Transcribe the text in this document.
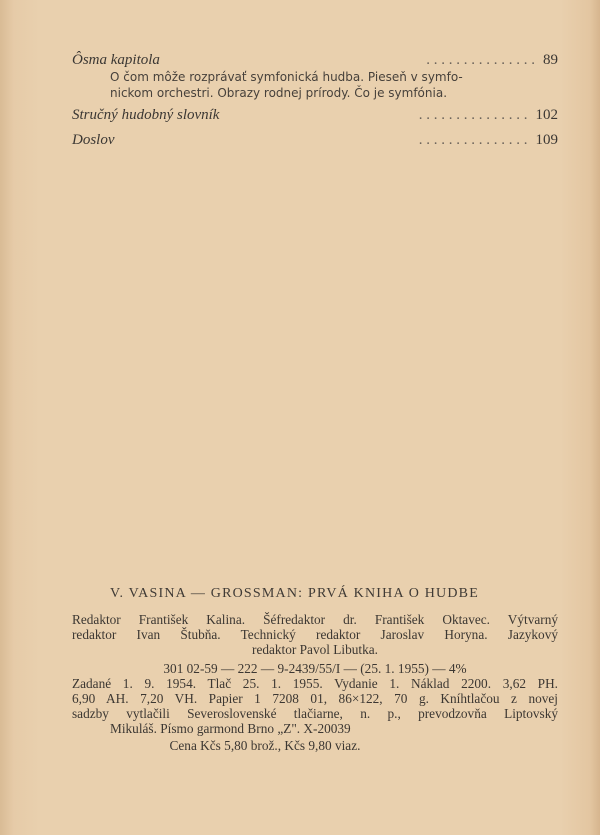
Ôsma kapitola	. . . . . . . . . . . . . . . 89
O čom môže rozprávať symfonická hudba. Pieseň v symfo-
nickom orchestri. Obrazy rodnej prírody. Čo je symfónia.
Stručný hudobný slovník	. . . . . . . . . . . . . . . 102
Doslov	. . . . . . . . . . . . . . . 109
V. VASINA — GROSSMAN: PRVÁ KNIHA O HUDBE
Redaktor František Kalina. Šéfredaktor dr. František Oktavec. Výtvarný
redaktor Ivan Štubňa. Technický redaktor Jaroslav Horyna. Jazykový
redaktor Pavol Libutka.
301 02-59 — 222 — 9-2439/55/I — (25. 1. 1955) — 4%
Zadané 1. 9. 1954. Tlač 25. 1. 1955. Vydanie 1. Náklad 2200. 3,62 PH.
6,90 AH. 7,20 VH. Papier 1 7208 01, 86×122, 70 g. Kníhtlačou z novej
sadzby vytlačili Severoslovenské tlačiarne, n. p., prevodzovňa Liptovský
Mikuláš. Písmo garmond Brno „Z". X-20039
Cena Kčs 5,80 brož., Kčs 9,80 viaz.
